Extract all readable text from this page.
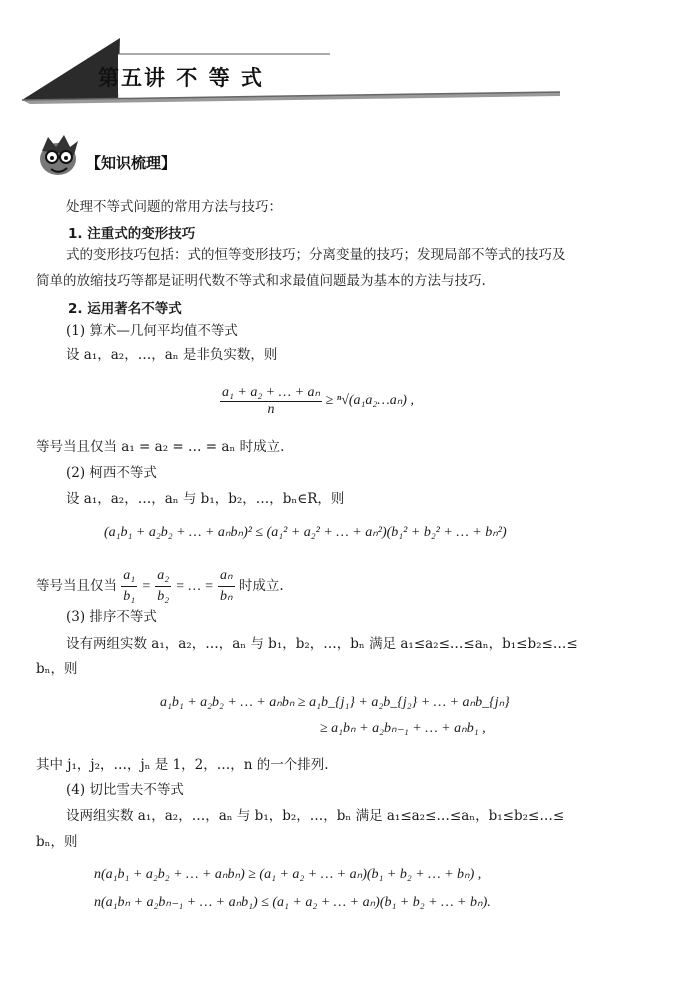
第五讲 不 等 式
【知识梳理】
处理不等式问题的常用方法与技巧：
1. 注重式的变形技巧
式的变形技巧包括：式的恒等变形技巧；分离变量的技巧；发现局部不等式的技巧及
简单的放缩技巧等都是证明代数不等式和求最值问题最为基本的方法与技巧.
2. 运用著名不等式
(1) 算术—几何平均值不等式
设 a₁，a₂，…，aₙ 是非负实数，则
$\frac{\text{a₁ + a₂ + … + aₙ}}{n}$ ≥ ⁿ√(a₁a₂…aₙ) ,
等号当且仅当 a₁ = a₂ = … = aₙ 时成立.
(2) 柯西不等式
设 a₁，a₂，…，aₙ 与 b₁，b₂，…，bₙ∈R，则
(a₁b₁ + a₂b₂ + … + aₙbₙ)² ≤ (a₁² + a₂² + … + aₙ²)(b₁² + b₂² + … + bₙ²)
等号当且仅当 $\frac{\text{a₁}}{\text{b₁}} = \frac{\text{a₂}}{\text{b₂}}$ = … = $\frac{\text{aₙ}}{\text{bₙ}}$ 时成立.
(3) 排序不等式
设有两组实数 a₁，a₂，…，aₙ 与 b₁，b₂，…，bₙ 满足 a₁≤a₂≤…≤aₙ，b₁≤b₂≤…≤
bₙ，则
a₁b₁ + a₂b₂ + … + aₙbₙ ≥ a₁b_{j₁} + a₂b_{j₂} + … + aₙb_{jₙ}
≥ a₁bₙ + a₂bₙ₋₁ + … + aₙb₁ ,
其中 j₁，j₂，…，jₙ 是 1，2，…，n 的一个排列.
(4) 切比雪夫不等式
设两组实数 a₁，a₂，…，aₙ 与 b₁，b₂，…，bₙ 满足 a₁≤a₂≤…≤aₙ，b₁≤b₂≤…≤
bₙ，则
n(a₁b₁ + a₂b₂ + … + aₙbₙ) ≥ (a₁ + a₂ + … + aₙ)(b₁ + b₂ + … + bₙ) ,
n(a₁bₙ + a₂bₙ₋₁ + … + aₙb₁) ≤ (a₁ + a₂ + … + aₙ)(b₁ + b₂ + … + bₙ).
